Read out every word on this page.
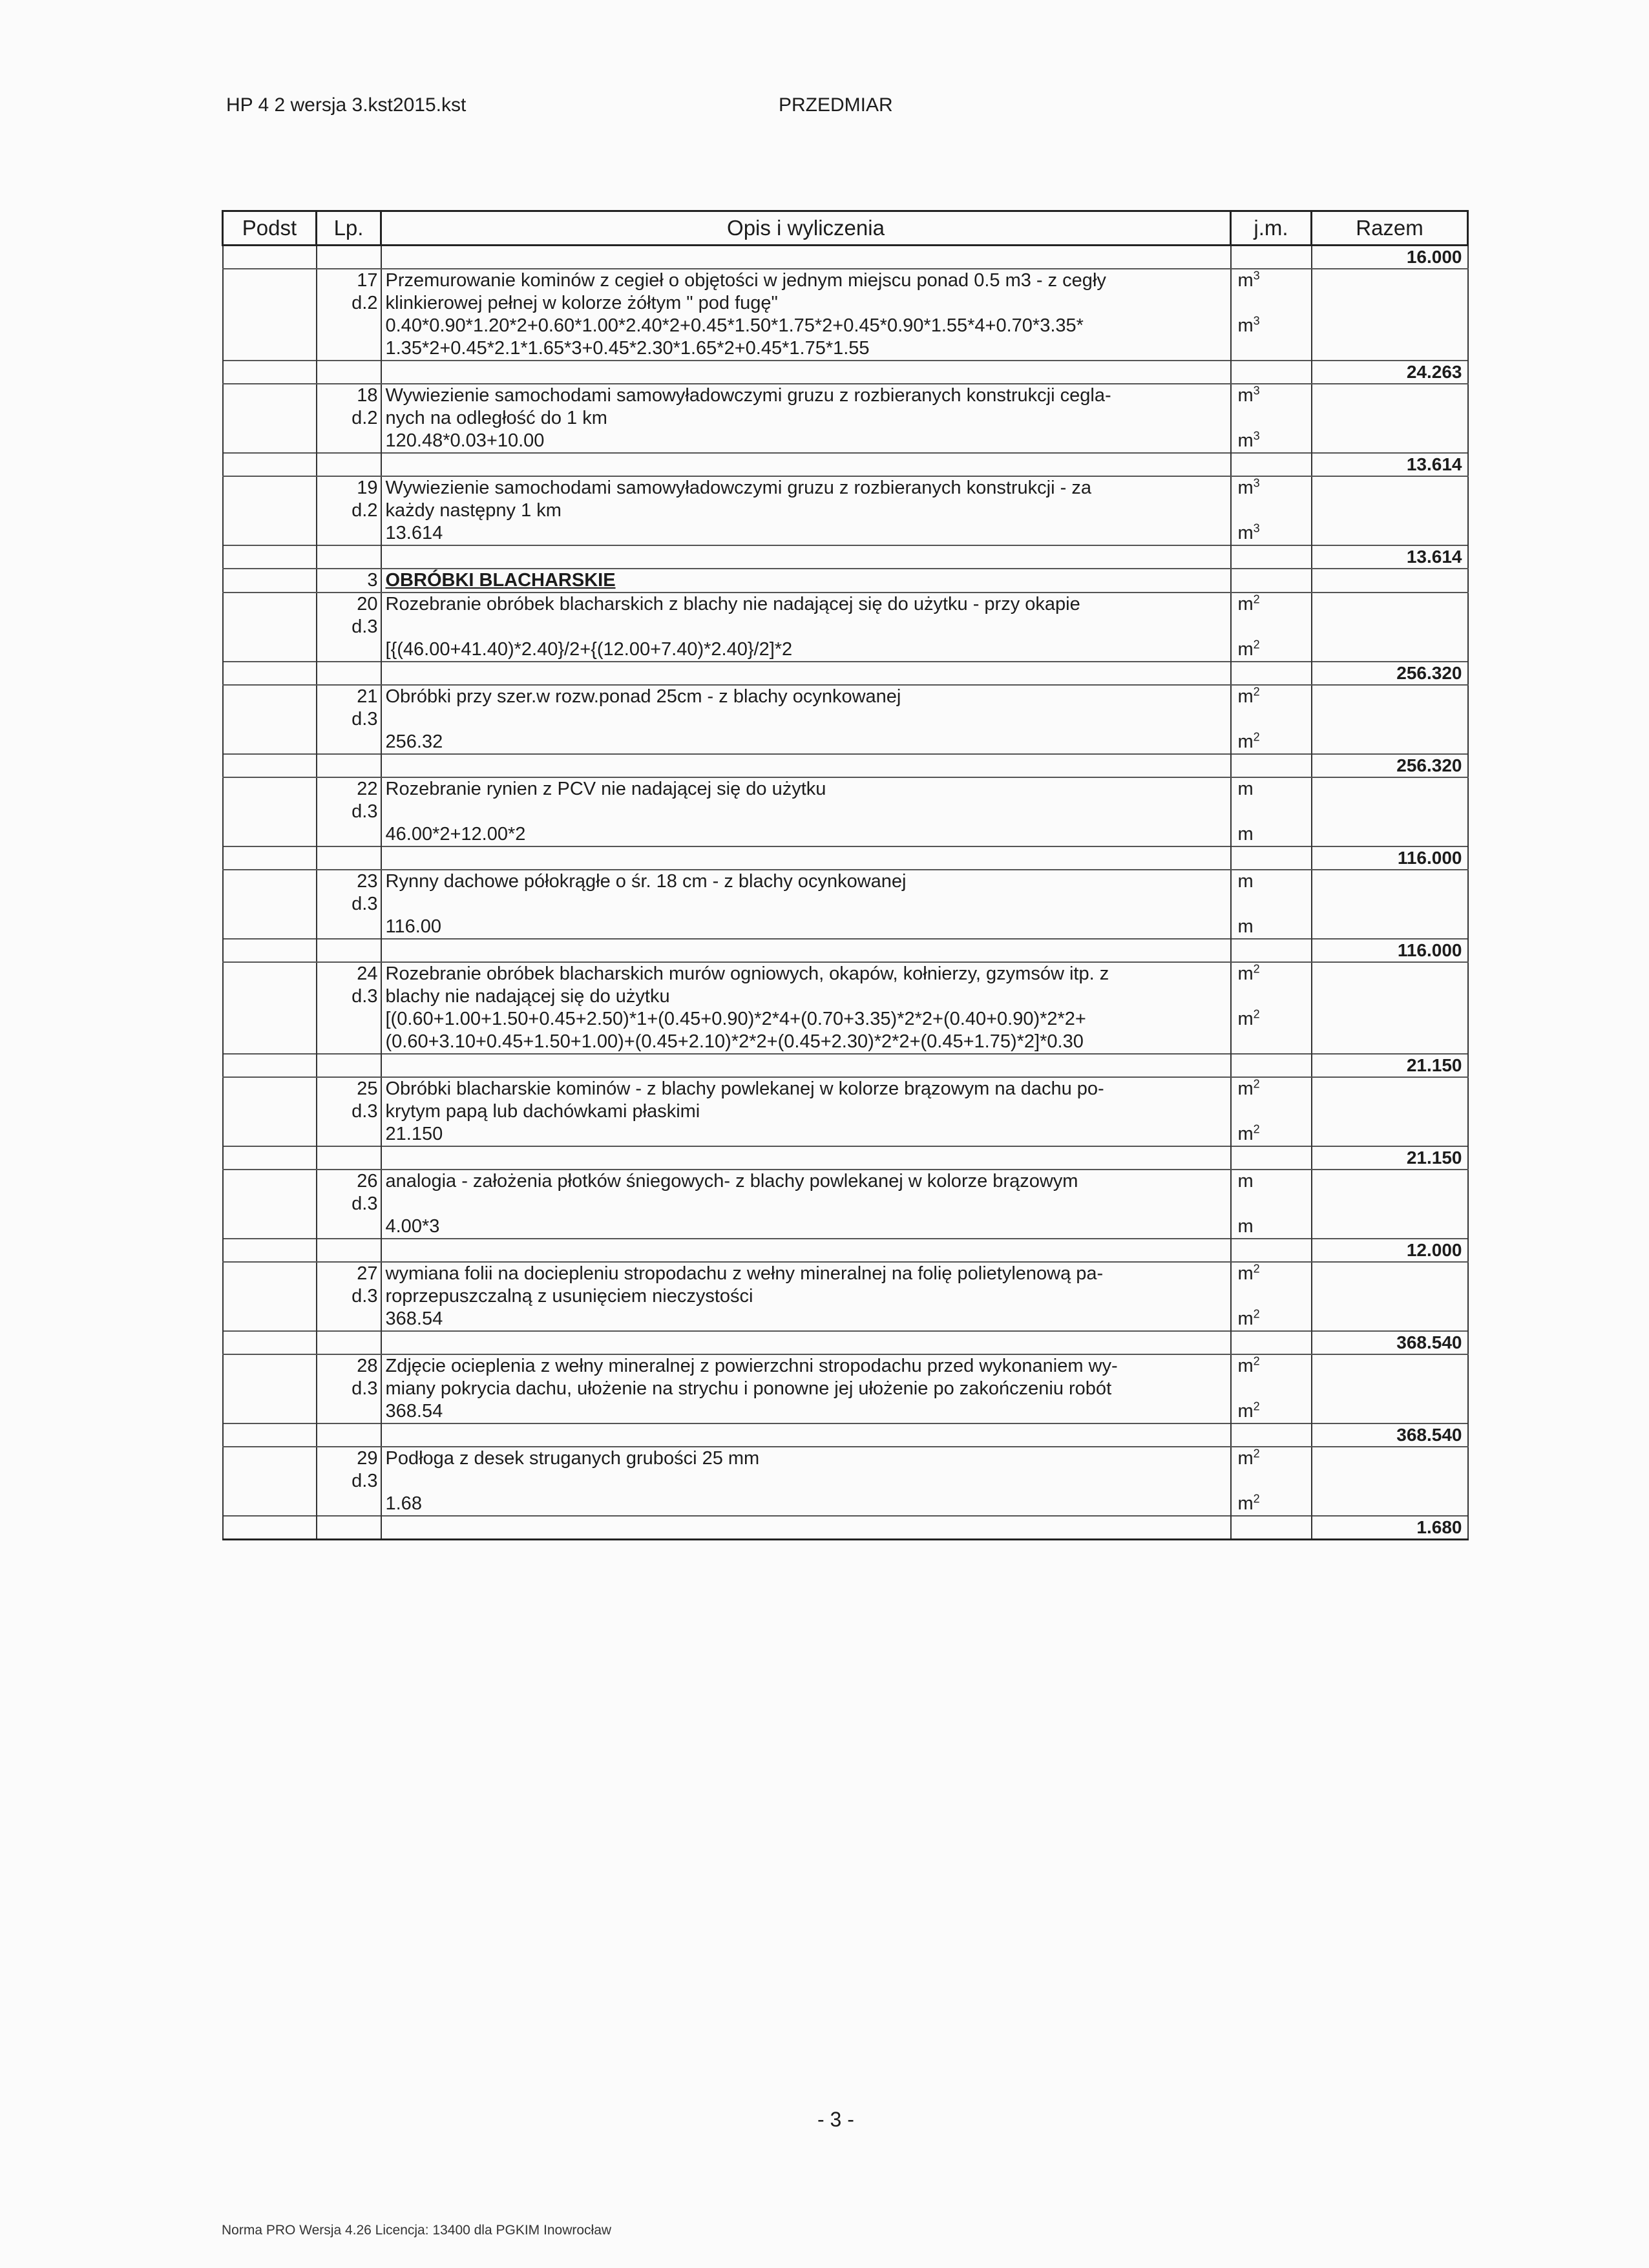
HP 4 2 wersja 3.kst2015.kst	PRZEDMIAR
Podst	Lp.	Opis i wyliczenia	j.m.	Razem
				16.000
	17	Przemurowanie kominów z cegieł o objętości w jednym miejscu ponad 0.5 m3 - z cegły	$m^3$	
	d.2	klinkierowej pełnej w kolorze żółtym " pod fugę"		
		0.40*0.90*1.20*2+0.60*1.00*2.40*2+0.45*1.50*1.75*2+0.45*0.90*1.55*4+0.70*3.35*	$m^3$	
		1.35*2+0.45*2.1*1.65*3+0.45*2.30*1.65*2+0.45*1.75*1.55		
				24.263
	18	Wywiezienie samochodami samowyładowczymi gruzu z rozbieranych konstrukcji cegla-	$m^3$	
	d.2	nych na odległość do 1 km		
		120.48*0.03+10.00	$m^3$	
				13.614
	19	Wywiezienie samochodami samowyładowczymi gruzu z rozbieranych konstrukcji - za	$m^3$	
	d.2	każdy następny 1 km		
		13.614	$m^3$	
				13.614
	3	OBRÓBKI BLACHARSKIE		
	20	Rozebranie obróbek blacharskich z blachy nie nadającej się do użytku - przy okapie	$m^2$	
	d.3			
		[{(46.00+41.40)*2.40}/2+{(12.00+7.40)*2.40}/2]*2	$m^2$	
				256.320
	21	Obróbki przy szer.w rozw.ponad 25cm - z blachy ocynkowanej	$m^2$	
	d.3			
		256.32	$m^2$	
				256.320
	22	Rozebranie rynien z PCV nie nadającej się do użytku	m	
	d.3			
		46.00*2+12.00*2	m	
				116.000
	23	Rynny dachowe półokrągłe o śr. 18 cm - z blachy ocynkowanej	m	
	d.3			
		116.00	m	
				116.000
	24	Rozebranie obróbek blacharskich murów ogniowych, okapów, kołnierzy, gzymsów itp. z	$m^2$	
	d.3	blachy nie nadającej się do użytku		
		[(0.60+1.00+1.50+0.45+2.50)*1+(0.45+0.90)*2*4+(0.70+3.35)*2*2+(0.40+0.90)*2*2+	$m^2$	
		(0.60+3.10+0.45+1.50+1.00)+(0.45+2.10)*2*2+(0.45+2.30)*2*2+(0.45+1.75)*2]*0.30		
				21.150
	25	Obróbki blacharskie kominów - z blachy powlekanej w kolorze brązowym na dachu po-	$m^2$	
	d.3	krytym papą lub dachówkami płaskimi		
		21.150	$m^2$	
				21.150
	26	analogia - założenia płotków śniegowych- z blachy powlekanej w kolorze brązowym	m	
	d.3			
		4.00*3	m	
				12.000
	27	wymiana folii na dociepleniu stropodachu z wełny mineralnej na folię polietylenową pa-	$m^2$	
	d.3	roprzepuszczalną z usunięciem nieczystości		
		368.54	$m^2$	
				368.540
	28	Zdjęcie ocieplenia z wełny mineralnej z powierzchni stropodachu przed wykonaniem wy-	$m^2$	
	d.3	miany pokrycia dachu, ułożenie na strychu i ponowne jej ułożenie po zakończeniu robót		
		368.54	$m^2$	
				368.540
	29	Podłoga z desek struganych grubości 25 mm	$m^2$	
	d.3			
		1.68	$m^2$	
				1.680
- 3 -
Norma PRO Wersja 4.26 Licencja: 13400 dla PGKIM Inowrocław
